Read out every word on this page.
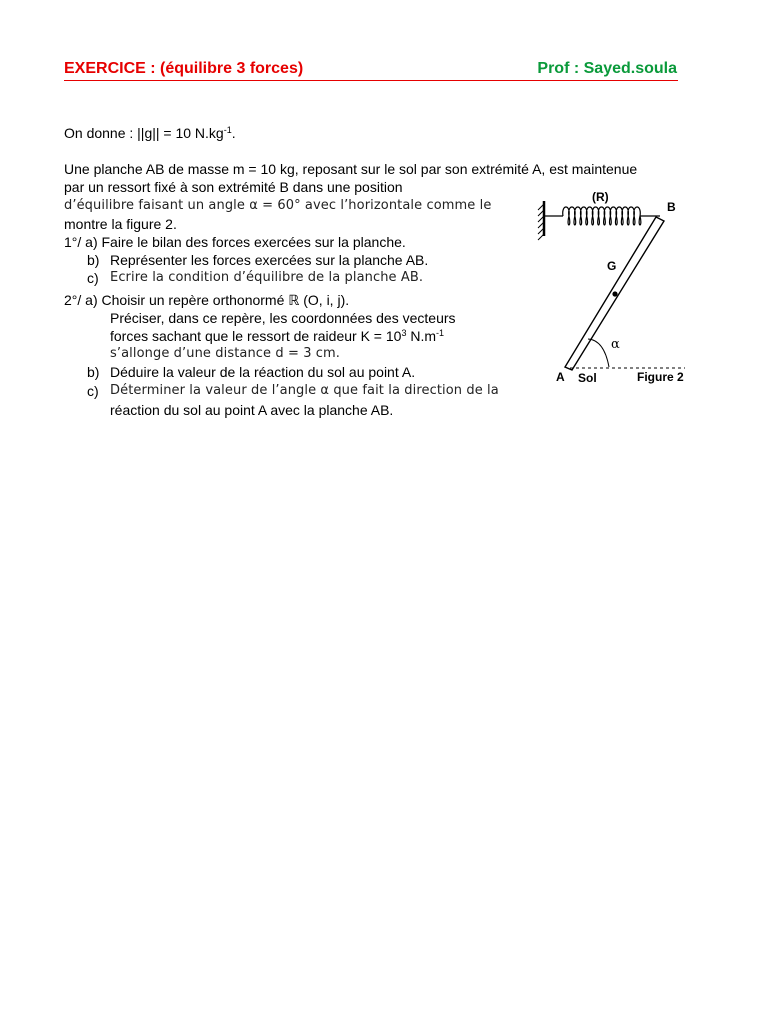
EXERCICE : (équilibre 3 forces)	Prof : Sayed.soula
On donne : ||g|| = 10 $N.kg^{-1}$.
Une planche AB de masse m = 10 kg, reposant sur le sol par son extrémité A, est maintenue
par un ressort fixé à son extrémité B dans une position
d’équilibre faisant un angle α = 60° avec l’horizontale comme le
montre la figure 2.
1°/ a) Faire le bilan des forces exercées sur la planche.
b) Représenter les forces exercées sur la planche AB.
c) Ecrire la condition d’équilibre de la planche AB.
2°/ a) Choisir un repère orthonormé ℝ (O, i, j).
Préciser, dans ce repère, les coordonnées des vecteurs
forces sachant que le ressort de raideur $K = 10^3$ $N.m^{-1}$
s’allonge d’une distance d = 3 cm.
b) Déduire la valeur de la réaction du sol au point A.
c) Déterminer la valeur de l’angle α que fait la direction de la
réaction du sol au point A avec la planche AB.
(R)
B
G
α
A Sol	Figure 2
